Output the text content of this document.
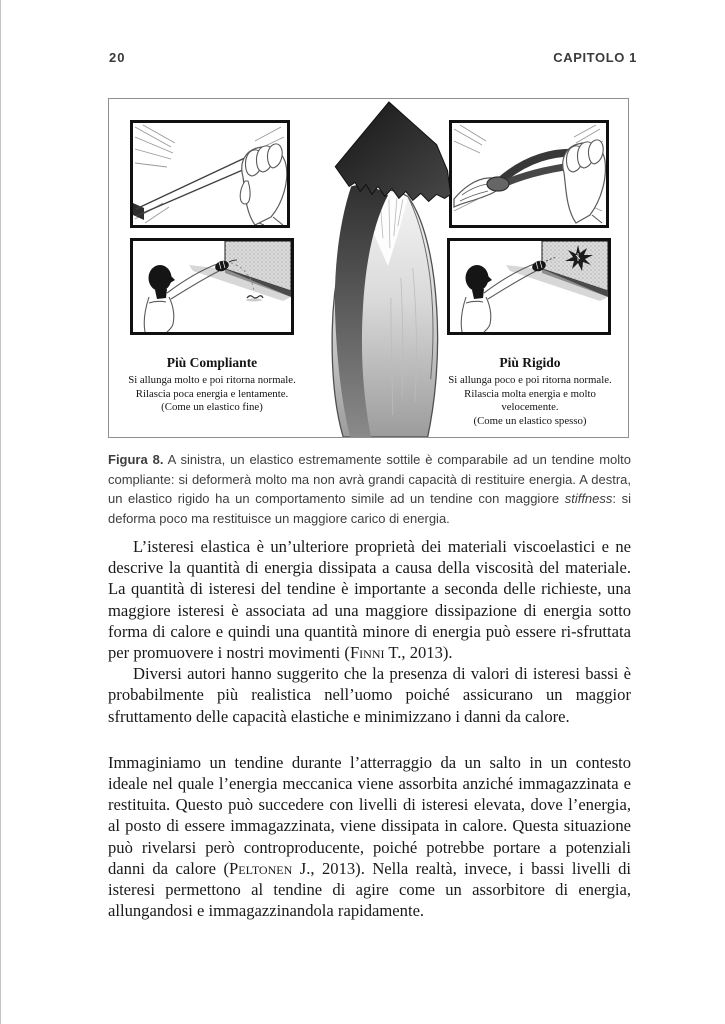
20	CAPITOLO 1
Più Compliante
Si allunga molto e poi ritorna normale.
Rilascia poca energia e lentamente.
(Come un elastico fine)
Più Rigido
Si allunga poco e poi ritorna normale.
Rilascia molta energia e molto
velocemente.
(Come un elastico spesso)
Figura 8. A sinistra, un elastico estremamente sottile è comparabile ad un tendine molto compliante: si deformerà molto ma non avrà grandi capacità di restituire energia. A destra, un elastico rigido ha un comportamento simile ad un tendine con maggiore stiffness: si deforma poco ma restituisce un maggiore carico di energia.

L’isteresi elastica è un’ulteriore proprietà dei materiali viscoelastici e ne descrive la quantità di energia dissipata a causa della viscosità del materiale. La quantità di isteresi del tendine è importante a seconda delle richieste, una maggiore isteresi è associata ad una maggiore dissipazione di energia sotto forma di calore e quindi una quantità minore di energia può essere ri-sfruttata per promuovere i nostri movimenti (Finni T., 2013).

Diversi autori hanno suggerito che la presenza di valori di isteresi bassi è probabilmente più realistica nell’uomo poiché assicurano un maggior sfruttamento delle capacità elastiche e minimizzano i danni da calore.

Immaginiamo un tendine durante l’atterraggio da un salto in un contesto ideale nel quale l’energia meccanica viene assorbita anziché immagazzinata e restituita. Questo può succedere con livelli di isteresi elevata, dove l’energia, al posto di essere immagazzinata, viene dissipata in calore. Questa situazione può rivelarsi però controproducente, poiché potrebbe portare a potenziali danni da calore (Peltonen J., 2013). Nella realtà, invece, i bassi livelli di isteresi permettono al tendine di agire come un assorbitore di energia, allungandosi e immagazzinandola rapidamente.
